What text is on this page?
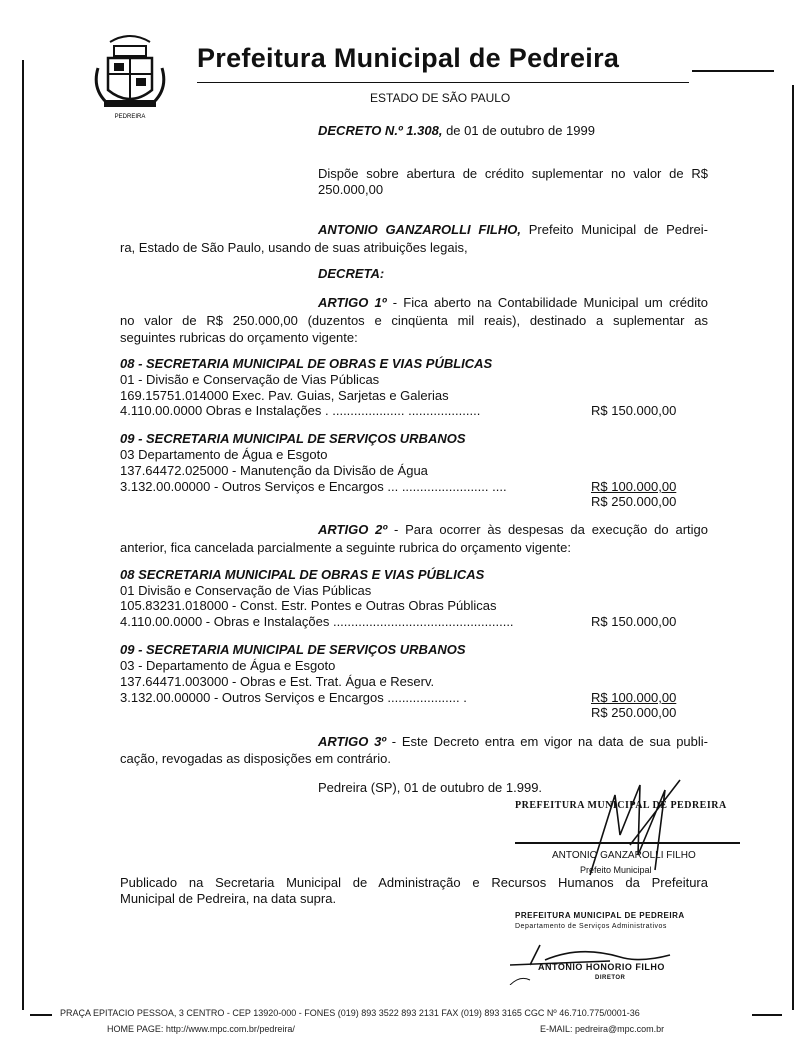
PEDREIRA
Prefeitura Municipal de Pedreira
ESTADO DE SÃO PAULO
DECRETO N.º 1.308, de 01 de outubro de 1999
Dispõe sobre abertura de crédito suplementar no valor de R$
250.000,00
ANTONIO GANZAROLLI FILHO, Prefeito Municipal de Pedrei-
ra, Estado de São Paulo, usando de suas atribuições legais,
DECRETA:
ARTIGO 1º - Fica aberto na Contabilidade Municipal um crédito
no valor de R$ 250.000,00 (duzentos e cinqüenta mil reais), destinado a suplementar as
seguintes rubricas do orçamento vigente:
08 - SECRETARIA MUNICIPAL DE OBRAS E VIAS PÚBLICAS
01 - Divisão e Conservação de Vias Públicas
169.15751.014000 Exec. Pav. Guias, Sarjetas e Galerias
4.110.00.0000 Obras e Instalações . .................... ....................	R$ 150.000,00
09 - SECRETARIA MUNICIPAL DE SERVIÇOS URBANOS
03 Departamento de Água e Esgoto
137.64472.025000 - Manutenção da Divisão de Água
3.132.00.00000 - Outros Serviços e Encargos ... ........................ ....	R$ 100.000,00
R$ 250.000,00
ARTIGO 2º - Para ocorrer às despesas da execução do artigo
anterior, fica cancelada parcialmente a seguinte rubrica do orçamento vigente:
08 SECRETARIA MUNICIPAL DE OBRAS E VIAS PÚBLICAS
01 Divisão e Conservação de Vias Públicas
105.83231.018000 - Const. Estr. Pontes e Outras Obras Públicas
4.110.00.0000 - Obras e Instalações ..................................................	R$ 150.000,00
09 - SECRETARIA MUNICIPAL DE SERVIÇOS URBANOS
03 - Departamento de Água e Esgoto
137.64471.003000 - Obras e Est. Trat. Água e Reserv.
3.132.00.00000 - Outros Serviços e Encargos .................... .	R$ 100.000,00
R$ 250.000,00
ARTIGO 3º - Este Decreto entra em vigor na data de sua publi-
cação, revogadas as disposições em contrário.
Pedreira (SP), 01 de outubro de 1.999.
PREFEITURA MUNICIPAL DE PEDREIRA
ANTONIO GANZAROLLI FILHO
Prefeito Municipal
Publicado na Secretaria Municipal de Administração e Recursos Humanos da Prefeitura
Municipal de Pedreira, na data supra.
PREFEITURA MUNICIPAL DE PEDREIRA
Departamento de Serviços Administrativos
ANTONIO HONORIO FILHO
DIRETOR
PRAÇA EPITACIO PESSOA, 3 CENTRO - CEP 13920-000 - FONES (019) 893 3522 893 2131 FAX (019) 893 3165 CGC Nº 46.710.775/0001-36
HOME PAGE: http://www.mpc.com.br/pedreira/	E-MAIL: pedreira@mpc.com.br
